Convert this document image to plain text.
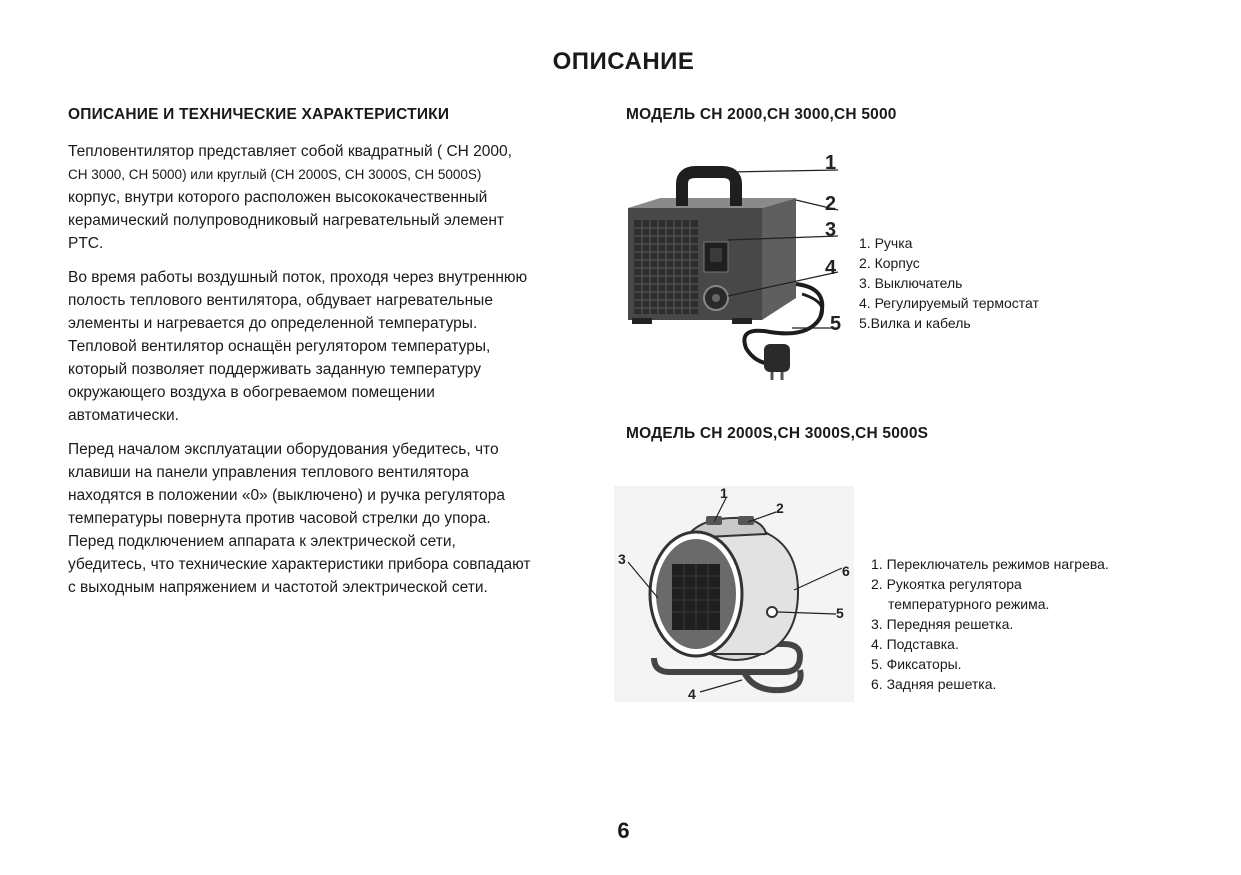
ОПИСАНИЕ
ОПИСАНИЕ И ТЕХНИЧЕСКИЕ ХАРАКТЕРИСТИКИ
Тепловентилятор представляет собой квадратный ( CH 2000,
CH 3000, CH 5000) или круглый (CH 2000S, CH 3000S, CH 5000S)
корпус, внутри которого расположен высококачественный
керамический полупроводниковый нагревательный элемент
PTC.
Во время работы воздушный поток, проходя через внутреннюю
полость теплового вентилятора, обдувает нагревательные
элементы и нагревается до определенной температуры.
Тепловой вентилятор оснащён регулятором температуры,
который позволяет поддерживать заданную температуру
окружающего воздуха в обогреваемом помещении
автоматически.
Перед началом эксплуатации оборудования убедитесь, что
клавиши на панели управления теплового вентилятора
находятся в положении «0» (выключено) и ручка регулятора
температуры повернута против часовой стрелки до упора.
Перед подключением аппарата к электрической сети,
убедитесь, что технические характеристики прибора совпадают
с выходным напряжением и частотой электрической сети.
МОДЕЛЬ CH 2000,CH 3000,CH 5000
1
2
3
4
5
1. Ручка
2. Корпус
3. Выключатель
4. Регулируемый термостат
5.Вилка и кабель
МОДЕЛЬ CH 2000S,CH 3000S,CH 5000S
1
2
3
4
5
6 1. Переключатель режимов нагрева.
2. Рукоятка регулятора
температурного режима.
3. Передняя решетка.
4. Подставка.
5. Фиксаторы.
6. Задняя решетка.
6
